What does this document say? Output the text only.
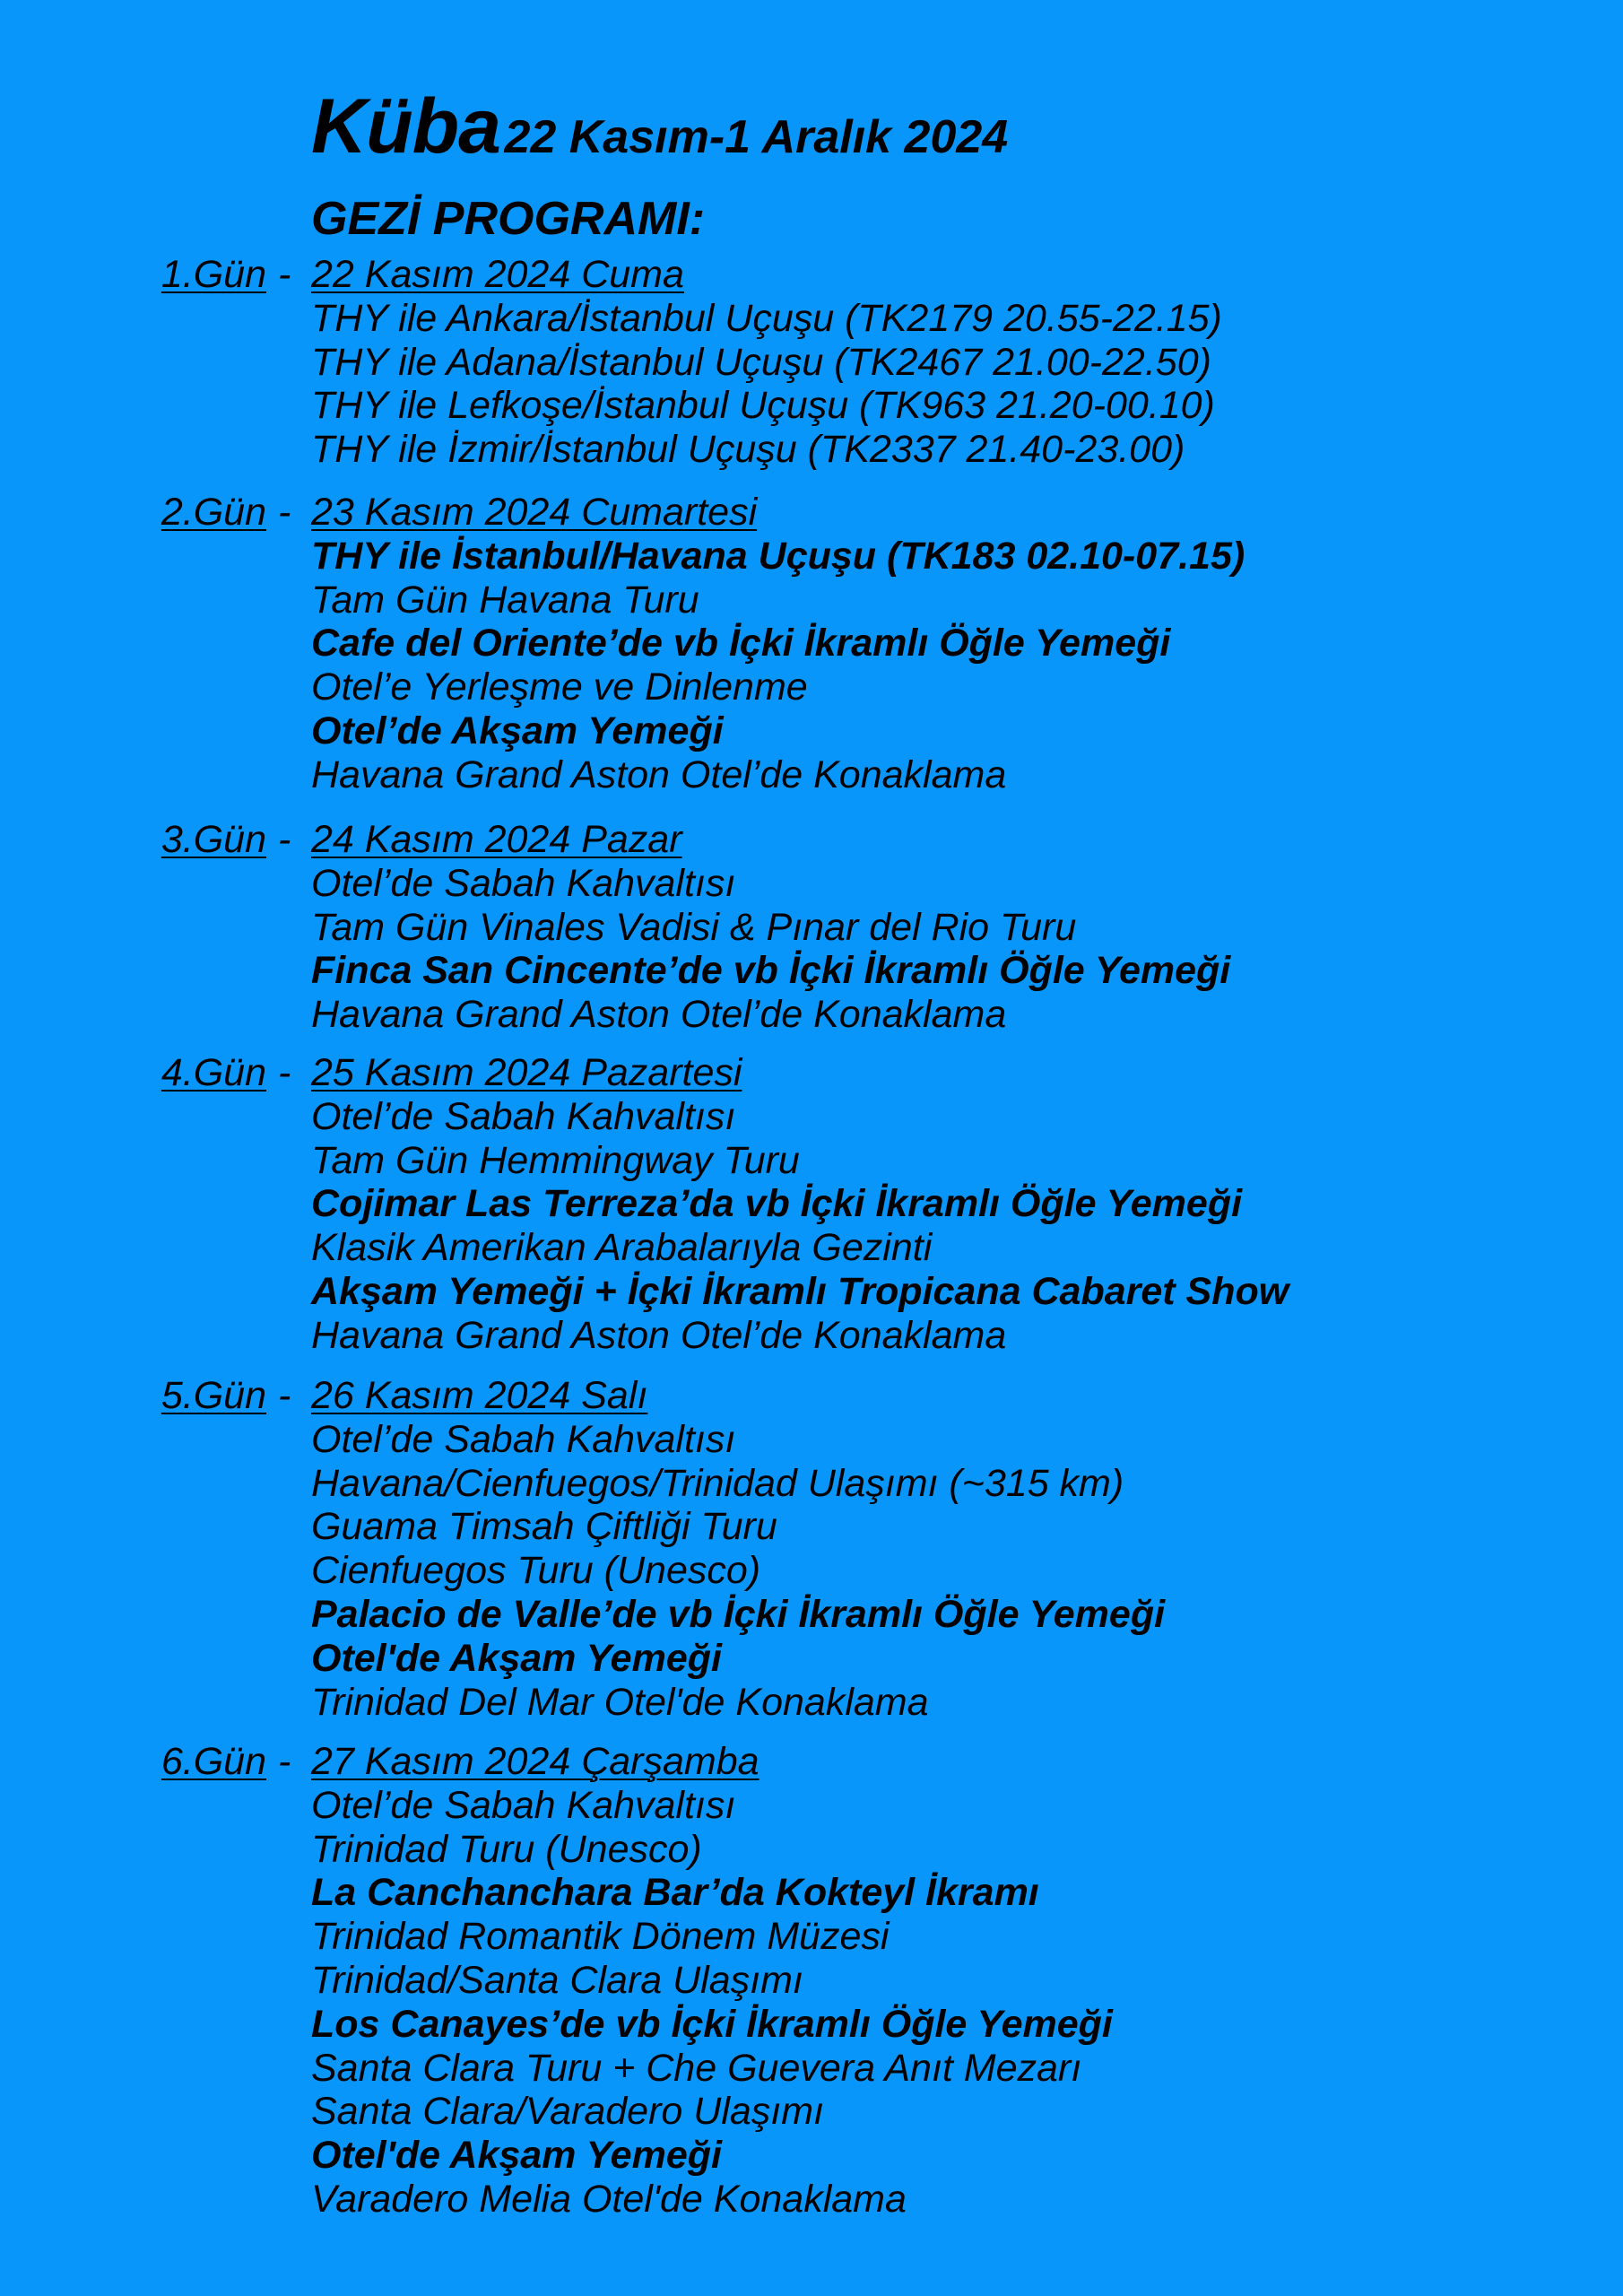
Küba 22 Kasım-1 Aralık 2024
GEZİ PROGRAMI:
1.Gün - 22 Kasım 2024 Cuma
THY ile Ankara/İstanbul Uçuşu (TK2179 20.55-22.15)
THY ile Adana/İstanbul Uçuşu (TK2467 21.00-22.50)
THY ile Lefkoşe/İstanbul Uçuşu (TK963 21.20-00.10)
THY ile İzmir/İstanbul Uçuşu (TK2337 21.40-23.00)
2.Gün - 23 Kasım 2024 Cumartesi
THY ile İstanbul/Havana Uçuşu (TK183 02.10-07.15)
Tam Gün Havana Turu
Cafe del Oriente’de vb İçki İkramlı Öğle Yemeği
Otel’e Yerleşme ve Dinlenme
Otel’de Akşam Yemeği
Havana Grand Aston Otel’de Konaklama
3.Gün - 24 Kasım 2024 Pazar
Otel’de Sabah Kahvaltısı
Tam Gün Vinales Vadisi & Pınar del Rio Turu
Finca San Cincente’de vb İçki İkramlı Öğle Yemeği
Havana Grand Aston Otel’de Konaklama
4.Gün - 25 Kasım 2024 Pazartesi
Otel’de Sabah Kahvaltısı
Tam Gün Hemmingway Turu
Cojimar Las Terreza’da vb İçki İkramlı Öğle Yemeği
Klasik Amerikan Arabalarıyla Gezinti
Akşam Yemeği + İçki İkramlı Tropicana Cabaret Show
Havana Grand Aston Otel’de Konaklama
5.Gün - 26 Kasım 2024 Salı
Otel’de Sabah Kahvaltısı
Havana/Cienfuegos/Trinidad Ulaşımı (~315 km)
Guama Timsah Çiftliği Turu
Cienfuegos Turu (Unesco)
Palacio de Valle’de vb İçki İkramlı Öğle Yemeği
Otel'de Akşam Yemeği
Trinidad Del Mar Otel'de Konaklama
6.Gün - 27 Kasım 2024 Çarşamba
Otel’de Sabah Kahvaltısı
Trinidad Turu (Unesco)
La Canchanchara Bar’da Kokteyl İkramı
Trinidad Romantik Dönem Müzesi
Trinidad/Santa Clara Ulaşımı
Los Canayes’de vb İçki İkramlı Öğle Yemeği
Santa Clara Turu + Che Guevera Anıt Mezarı
Santa Clara/Varadero Ulaşımı
Otel'de Akşam Yemeği
Varadero Melia Otel'de Konaklama
